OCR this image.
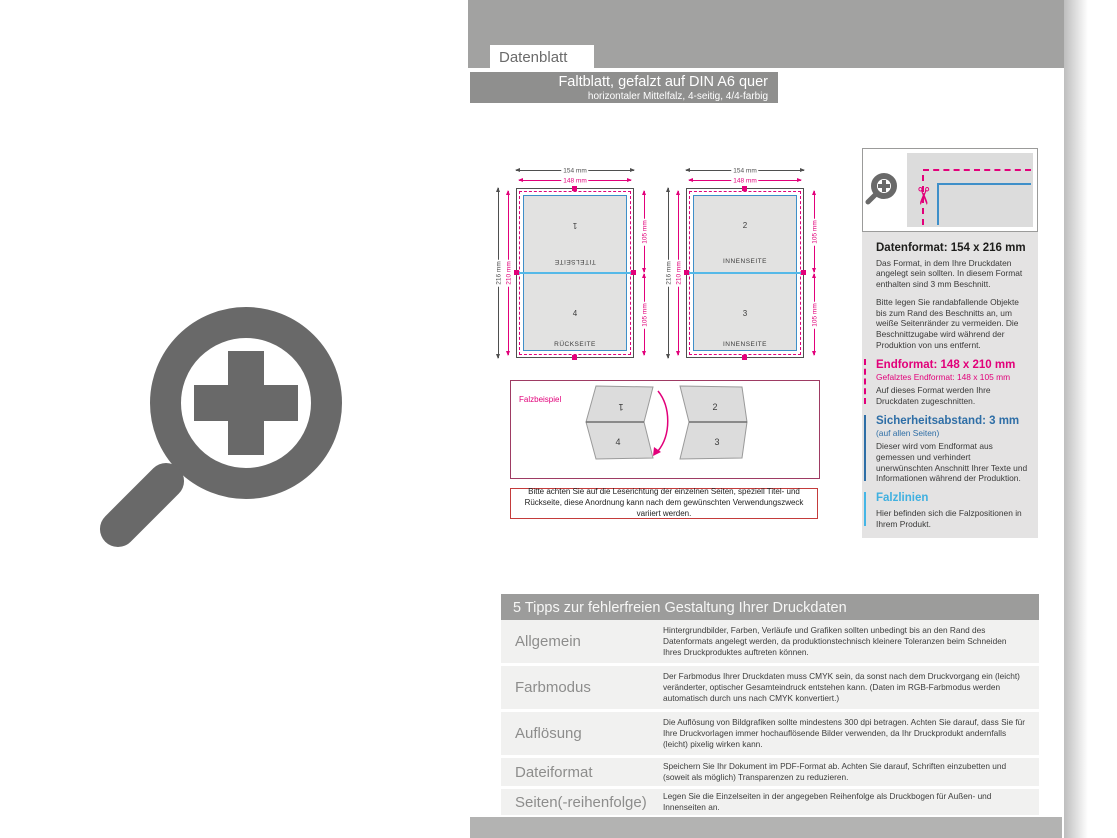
Datenblatt
Faltblatt, gefalzt auf DIN A6 quer
horizontaler Mittelfalz, 4-seitig, 4/4-farbig
1
TITELSEITE
4
RÜCKSEITE
154 mm
148 mm
216 mm 210 mm
105 mm
105 mm
2
INNENSEITE
3
INNENSEITE
154 mm
148 mm
216 mm 210 mm
105 mm
105 mm
Falzbeispiel
1
4
2
3
Bitte achten Sie auf die Leserichtung der einzelnen Seiten, speziell Titel- und Rückseite, diese Anordnung kann nach dem gewünschten Verwendungszweck variiert werden.
✂
Datenformat: 154 x 216 mm

Das Format, in dem Ihre Druckdaten angelegt sein sollten. In diesem Format enthalten sind 3 mm Beschnitt.

Bitte legen Sie randabfallende Objekte bis zum Rand des Beschnitts an, um weiße Seitenränder zu vermeiden. Die Beschnittzugabe wird während der Produktion von uns entfernt.

Endformat: 148 x 210 mm
Gefalztes Endformat: 148 x 105 mm

Auf dieses Format werden Ihre Druckdaten zugeschnitten.

Sicherheitsabstand: 3 mm
(auf allen Seiten)

Dieser wird vom Endformat aus gemessen und verhindert unerwünschten Anschnitt Ihrer Texte und Informationen während der Produktion.

Falzlinien

Hier befinden sich die Falzpositionen in Ihrem Produkt.

5 Tipps zur fehlerfreien Gestaltung Ihrer Druckdaten
Allgemein
Hintergrundbilder, Farben, Verläufe und Grafiken sollten unbedingt bis an den Rand des Datenformats angelegt werden, da produktionstechnisch kleinere Toleranzen beim Schneiden Ihres Druckproduktes auftreten können.
Farbmodus
Der Farbmodus Ihrer Druckdaten muss CMYK sein, da sonst nach dem Druckvorgang ein (leicht) veränderter, optischer Gesamteindruck entstehen kann. (Daten im RGB-Farbmodus werden automatisch durch uns nach CMYK konvertiert.)
Auflösung
Die Auflösung von Bildgrafiken sollte mindestens 300 dpi betragen. Achten Sie darauf, dass Sie für Ihre Druckvorlagen immer hochauflösende Bilder verwenden, da Ihr Druckprodukt andernfalls (leicht) pixelig wirken kann.
Dateiformat	Speichern Sie Ihr Dokument im PDF-Format ab. Achten Sie darauf, Schriften einzubetten und (soweit als möglich) Transparenzen zu reduzieren.
Seiten(-reihenfolge)	Legen Sie die Einzelseiten in der angegeben Reihenfolge als Druckbogen für Außen- und Innenseiten an.
